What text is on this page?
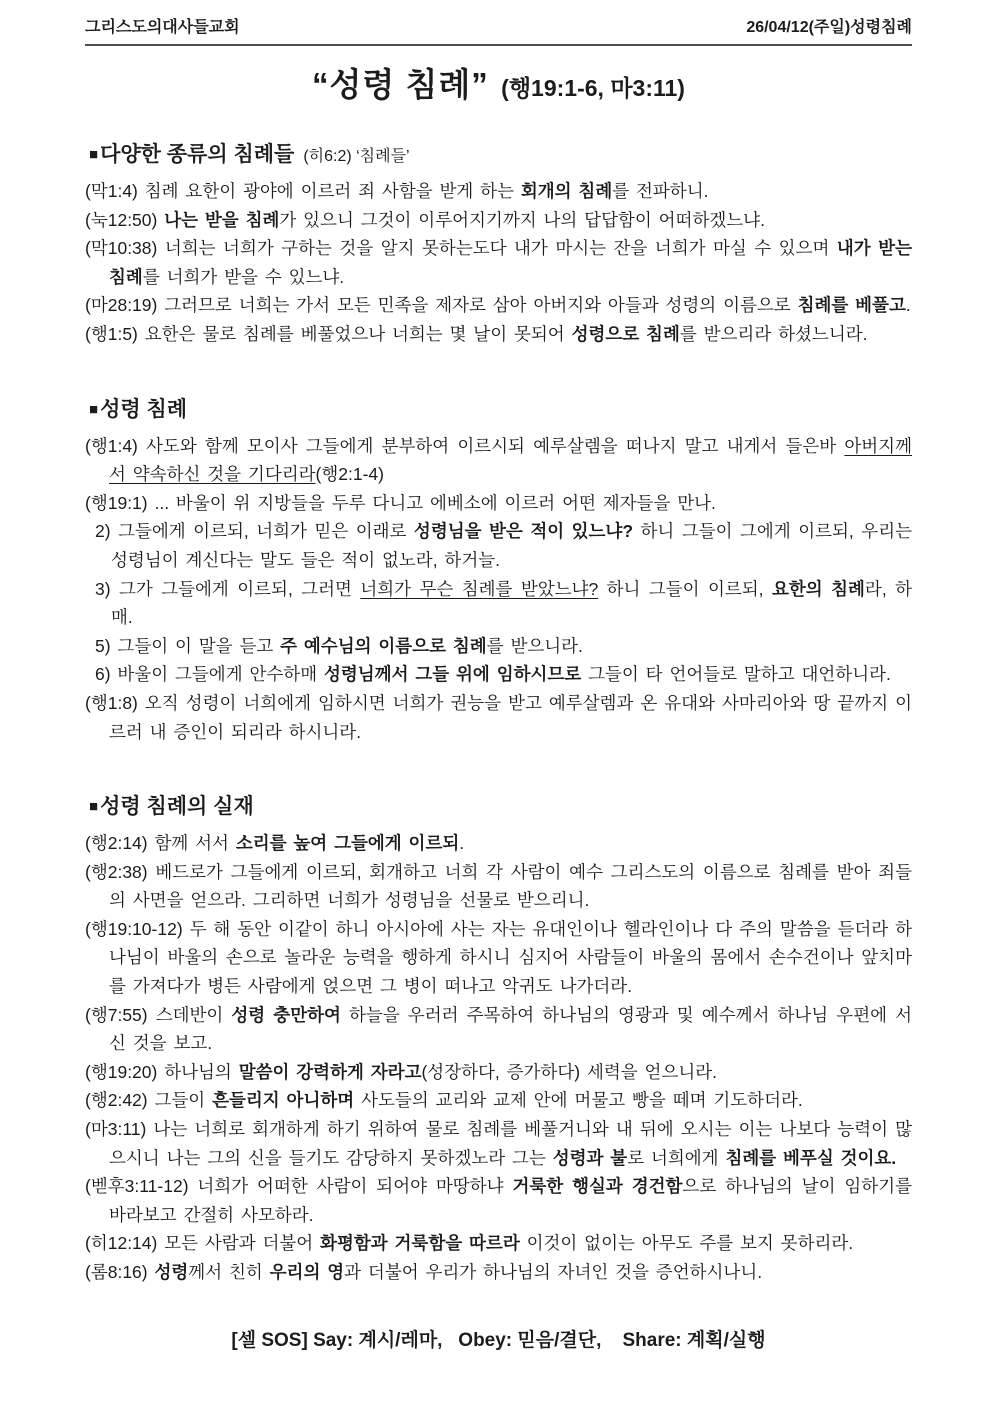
그리스도의대사들교회	26/04/12(주일)성령침례
“성령 침례” (행19:1-6, 마3:11)
■다양한 종류의 침례들 (히6:2) ‘침례들’
(막1:4) 침례 요한이 광야에 이르러 죄 사함을 받게 하는 회개의 침례를 전파하니.
(눅12:50) 나는 받을 침례가 있으니 그것이 이루어지기까지 나의 답답함이 어떠하겠느냐.
(막10:38) 너희는 너희가 구하는 것을 알지 못하는도다 내가 마시는 잔을 너희가 마실 수 있으며 내가 받는 침례를 너희가 받을 수 있느냐.
(마28:19) 그러므로 너희는 가서 모든 민족을 제자로 삼아 아버지와 아들과 성령의 이름으로 침례를 베풀고.
(행1:5) 요한은 물로 침례를 베풀었으나 너희는 몇 날이 못되어 성령으로 침례를 받으리라 하셨느니라.
■성령 침례
(행1:4) 사도와 함께 모이사 그들에게 분부하여 이르시되 예루살렘을 떠나지 말고 내게서 들은바 아버지께서 약속하신 것을 기다리라(행2:1-4)
(행19:1) ... 바울이 위 지방들을 두루 다니고 에베소에 이르러 어떤 제자들을 만나.
2) 그들에게 이르되, 너희가 믿은 이래로 성령님을 받은 적이 있느냐? 하니 그들이 그에게 이르되, 우리는 성령님이 계신다는 말도 들은 적이 없노라, 하거늘.
3) 그가 그들에게 이르되, 그러면 너희가 무슨 침례를 받았느냐? 하니 그들이 이르되, 요한의 침례라, 하매.
5) 그들이 이 말을 듣고 주 예수님의 이름으로 침례를 받으니라.
6) 바울이 그들에게 안수하매 성령님께서 그들 위에 임하시므로 그들이 타 언어들로 말하고 대언하니라.
(행1:8) 오직 성령이 너희에게 임하시면 너희가 권능을 받고 예루살렘과 온 유대와 사마리아와 땅 끝까지 이르러 내 증인이 되리라 하시니라.
■성령 침례의 실재
(행2:14) 함께 서서 소리를 높여 그들에게 이르되.
(행2:38) 베드로가 그들에게 이르되, 회개하고 너희 각 사람이 예수 그리스도의 이름으로 침례를 받아 죄들의 사면을 얻으라. 그리하면 너희가 성령님을 선물로 받으리니.
(행19:10-12) 두 해 동안 이같이 하니 아시아에 사는 자는 유대인이나 헬라인이나 다 주의 말씀을 듣더라 하나님이 바울의 손으로 놀라운 능력을 행하게 하시니 심지어 사람들이 바울의 몸에서 손수건이나 앞치마를 가져다가 병든 사람에게 얹으면 그 병이 떠나고 악귀도 나가더라.
(행7:55) 스데반이 성령 충만하여 하늘을 우러러 주목하여 하나님의 영광과 및 예수께서 하나님 우편에 서신 것을 보고.
(행19:20) 하나님의 말씀이 강력하게 자라고(성장하다, 증가하다) 세력을 얻으니라.
(행2:42) 그들이 흔들리지 아니하며 사도들의 교리와 교제 안에 머물고 빵을 떼며 기도하더라.
(마3:11) 나는 너희로 회개하게 하기 위하여 물로 침례를 베풀거니와 내 뒤에 오시는 이는 나보다 능력이 많으시니 나는 그의 신을 들기도 감당하지 못하겠노라 그는 성령과 불로 너희에게 침례를 베푸실 것이요.
(벧후3:11-12) 너희가 어떠한 사람이 되어야 마땅하냐 거룩한 행실과 경건함으로 하나님의 날이 임하기를 바라보고 간절히 사모하라.
(히12:14) 모든 사람과 더불어 화평함과 거룩함을 따르라 이것이 없이는 아무도 주를 보지 못하리라.
(롬8:16) 성령께서 친히 우리의 영과 더불어 우리가 하나님의 자녀인 것을 증언하시나니.
[셀 SOS] Say: 계시/레마,   Obey: 믿음/결단,    Share: 계획/실행
